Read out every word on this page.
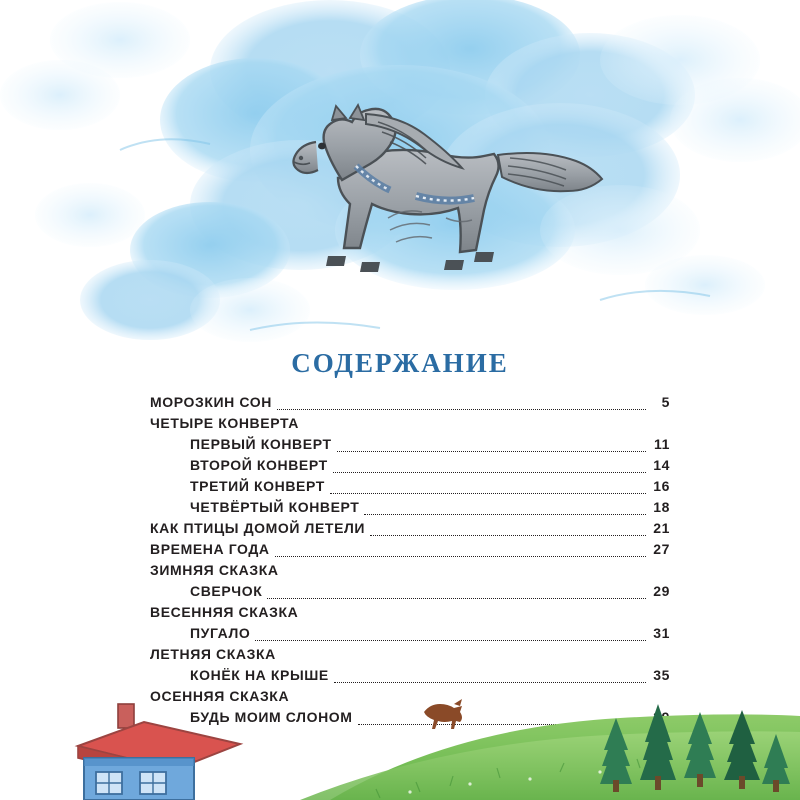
СОДЕРЖАНИЕ
МОРОЗКИН СОН	5
ЧЕТЫРЕ КОНВЕРТА
ПЕРВЫЙ КОНВЕРТ	11
ВТОРОЙ КОНВЕРТ	14
ТРЕТИЙ КОНВЕРТ	16
ЧЕТВЁРТЫЙ КОНВЕРТ	18
КАК ПТИЦЫ ДОМОЙ ЛЕТЕЛИ	21
ВРЕМЕНА ГОДА	27
ЗИМНЯЯ СКАЗКА
СВЕРЧОК	29
ВЕСЕННЯЯ СКАЗКА
ПУГАЛО	31
ЛЕТНЯЯ СКАЗКА
КОНЁК НА КРЫШЕ	35
ОСЕННЯЯ СКАЗКА
БУДЬ МОИМ СЛОНОМ
